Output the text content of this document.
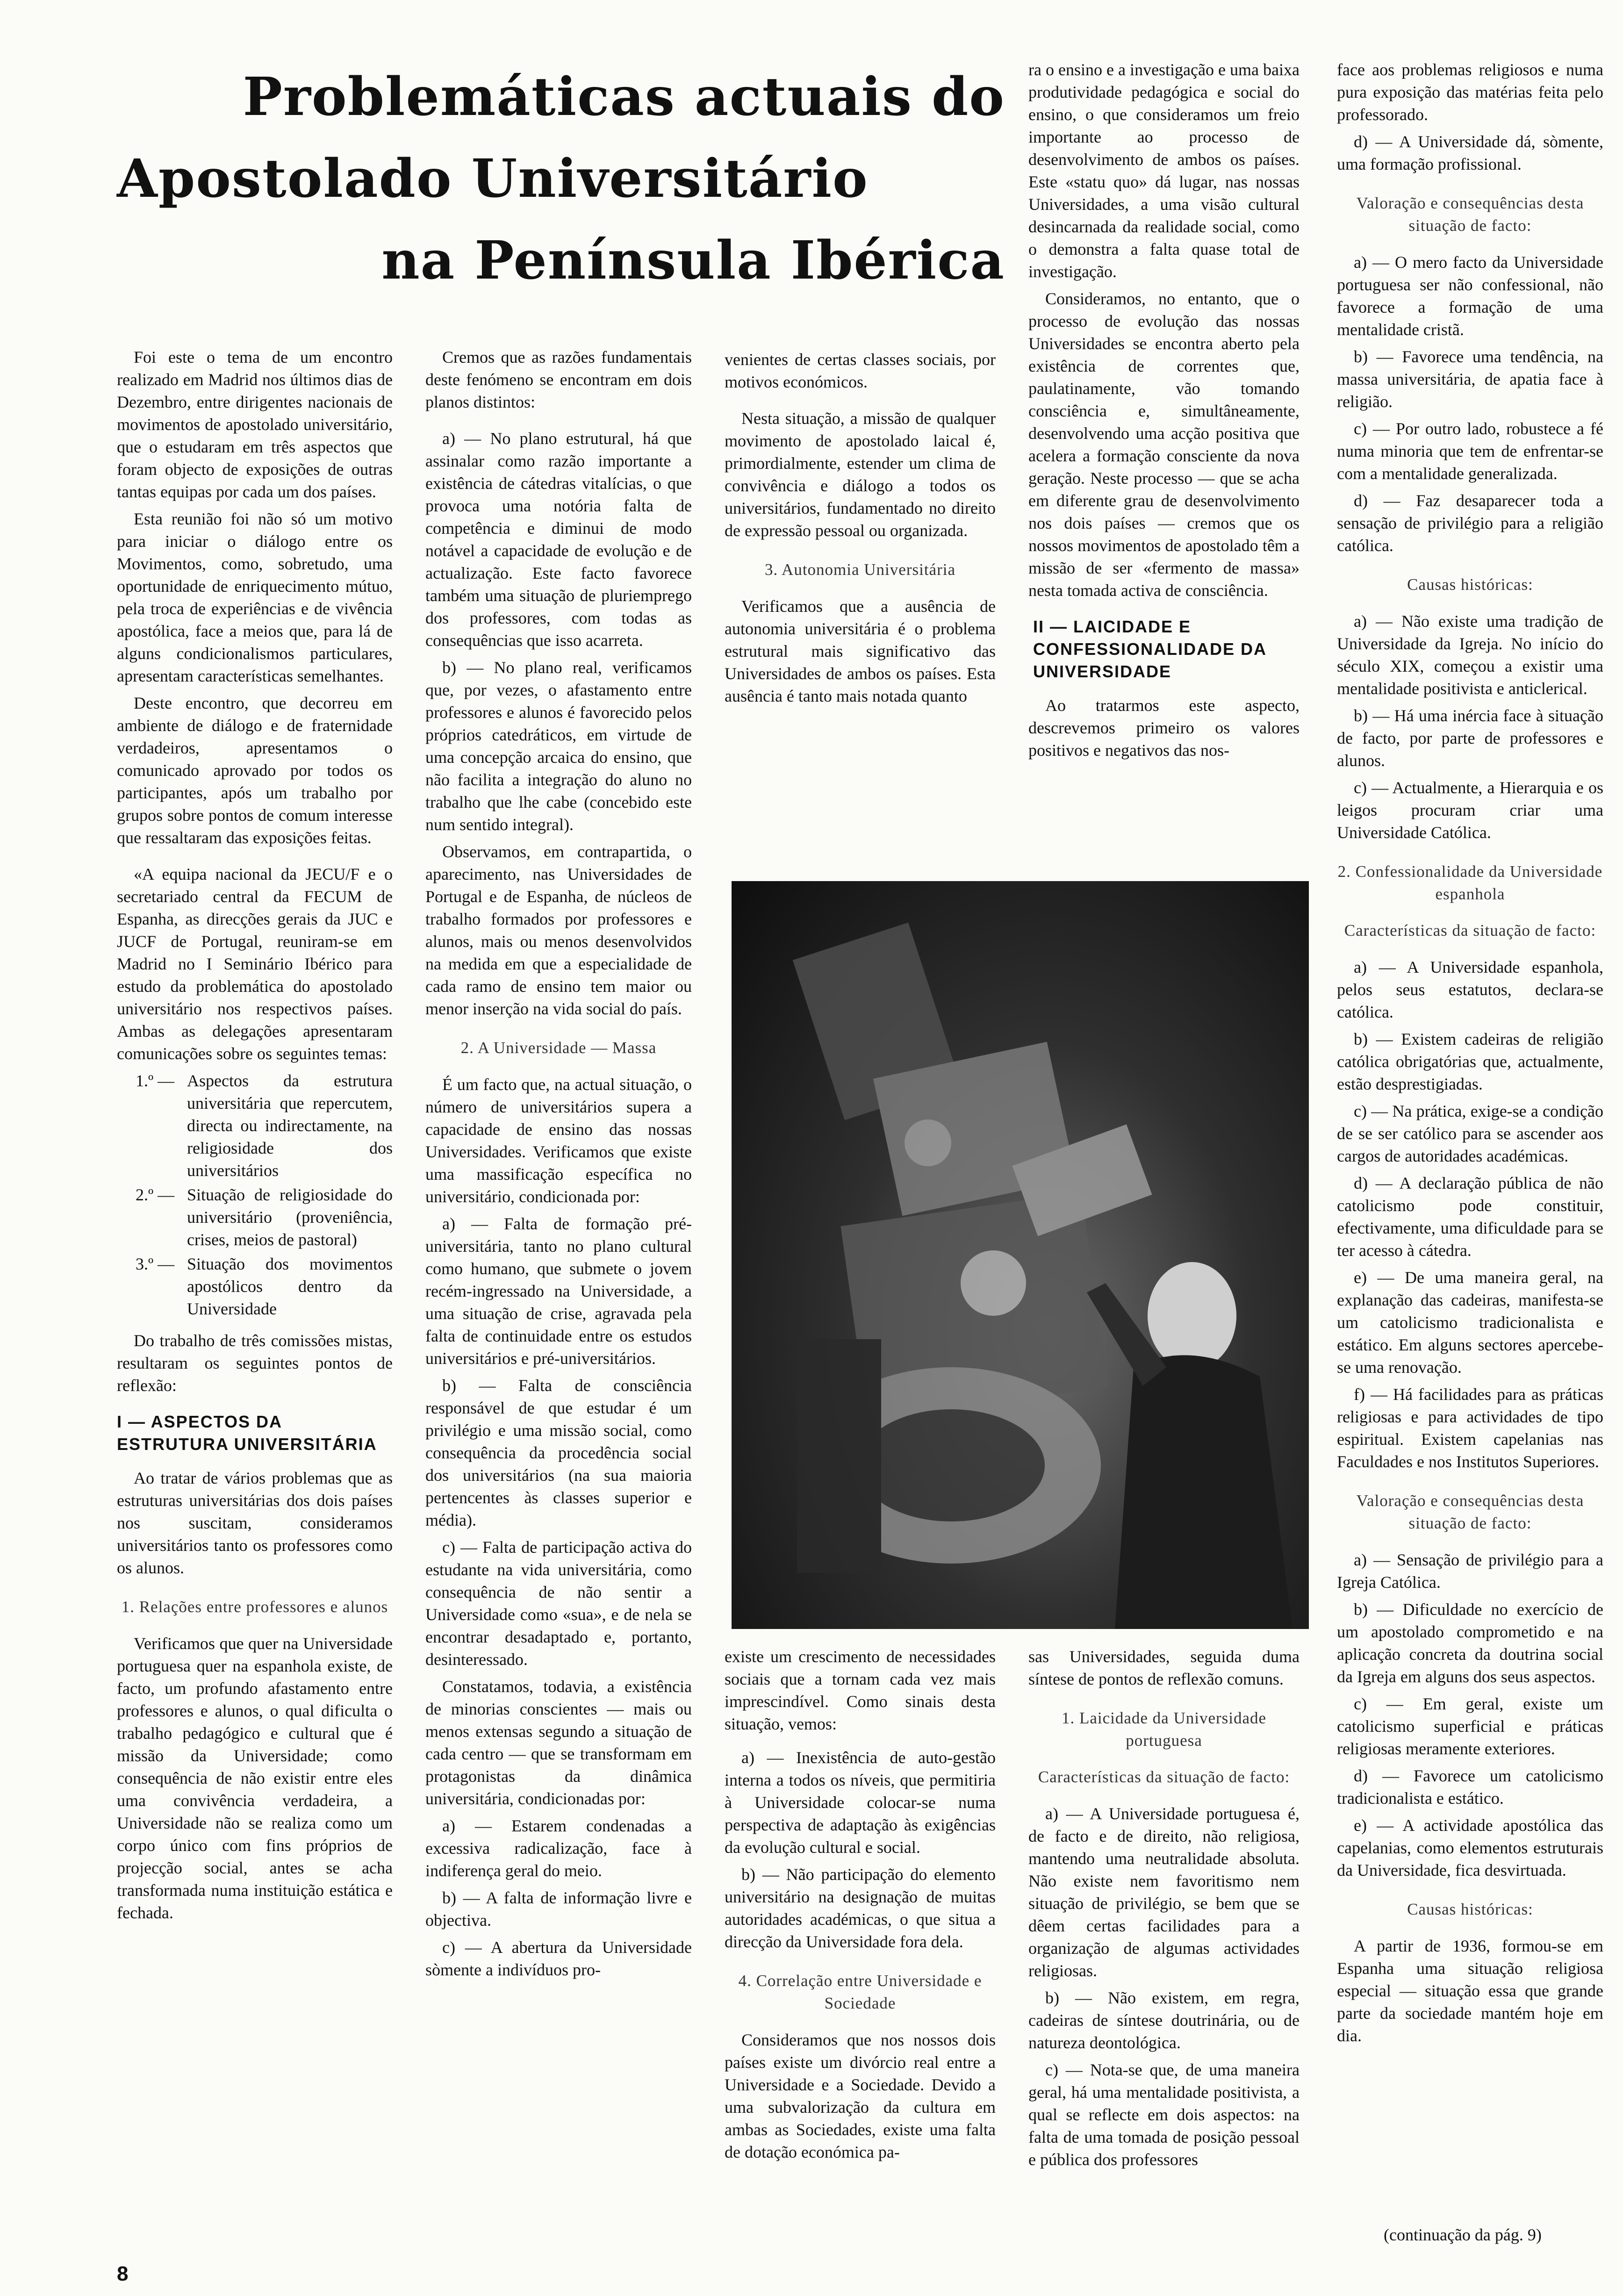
Problemáticas actuais do
Apostolado Universitário
na Península Ibérica

Foi este o tema de um encontro realizado em Madrid nos últimos dias de Dezembro, entre dirigentes nacionais de movimentos de apostolado universitário, que o estudaram em três aspectos que foram objecto de exposições de outras tantas equipas por cada um dos países.

Esta reunião foi não só um motivo para iniciar o diálogo entre os Movimentos, como, sobretudo, uma oportunidade de enriquecimento mútuo, pela troca de experiências e de vivência apostólica, face a meios que, para lá de alguns condicionalismos particulares, apresentam características semelhantes.

Deste encontro, que decorreu em ambiente de diálogo e de fraternidade verdadeiros, apresentamos o comunicado aprovado por todos os participantes, após um trabalho por grupos sobre pontos de comum interesse que ressaltaram das exposições feitas.

«A equipa nacional da JECU/F e o secretariado central da FECUM de Espanha, as direcções gerais da JUC e JUCF de Portugal, reuniram-se em Madrid no I Seminário Ibérico para estudo da problemática do apostolado universitário nos respectivos países. Ambas as delegações apresentaram comunicações sobre os seguintes temas:

1.º — Aspectos da estrutura universitária que repercutem, directa ou indirectamente, na religiosidade dos universitários

2.º — Situação de religiosidade do universitário (proveniência, crises, meios de pastoral)

3.º — Situação dos movimentos apostólicos dentro da Universidade

Do trabalho de três comissões mistas, resultaram os seguintes pontos de reflexão:

I — ASPECTOS DA ESTRUTURA UNIVERSITÁRIA

Ao tratar de vários problemas que as estruturas universitárias dos dois países nos suscitam, consideramos universitários tanto os professores como os alunos.

1. Relações entre professores e alunos

Verificamos que quer na Universidade portuguesa quer na espanhola existe, de facto, um profundo afastamento entre professores e alunos, o qual dificulta o trabalho pedagógico e cultural que é missão da Universidade; como consequência de não existir entre eles uma convivência verdadeira, a Universidade não se realiza como um corpo único com fins próprios de projecção social, antes se acha transformada numa instituição estática e fechada.

Cremos que as razões fundamentais deste fenómeno se encontram em dois planos distintos:

a) — No plano estrutural, há que assinalar como razão importante a existência de cátedras vitalícias, o que provoca uma notória falta de competência e diminui de modo notável a capacidade de evolução e de actualização. Este facto favorece também uma situação de pluriemprego dos professores, com todas as consequências que isso acarreta.

b) — No plano real, verificamos que, por vezes, o afastamento entre professores e alunos é favorecido pelos próprios catedráticos, em virtude de uma concepção arcaica do ensino, que não facilita a integração do aluno no trabalho que lhe cabe (concebido este num sentido integral).

Observamos, em contrapartida, o aparecimento, nas Universidades de Portugal e de Espanha, de núcleos de trabalho formados por professores e alunos, mais ou menos desenvolvidos na medida em que a especialidade de cada ramo de ensino tem maior ou menor inserção na vida social do país.

2. A Universidade — Massa

É um facto que, na actual situação, o número de universitários supera a capacidade de ensino das nossas Universidades. Verificamos que existe uma massificação específica no universitário, condicionada por:

a) — Falta de formação pré-universitária, tanto no plano cultural como humano, que submete o jovem recém-ingressado na Universidade, a uma situação de crise, agravada pela falta de continuidade entre os estudos universitários e pré-universitários.

b) — Falta de consciência responsável de que estudar é um privilégio e uma missão social, como consequência da procedência social dos universitários (na sua maioria pertencentes às classes superior e média).

c) — Falta de participação activa do estudante na vida universitária, como consequência de não sentir a Universidade como «sua», e de nela se encontrar desadaptado e, portanto, desinteressado.

Constatamos, todavia, a existência de minorias conscientes — mais ou menos extensas segundo a situação de cada centro — que se transformam em protagonistas da dinâmica universitária, condicionadas por:

a) — Estarem condenadas a excessiva radicalização, face à indiferença geral do meio.

b) — A falta de informação livre e objectiva.

c) — A abertura da Universidade sòmente a indivíduos pro-

venientes de certas classes sociais, por motivos económicos.

Nesta situação, a missão de qualquer movimento de apostolado laical é, primordialmente, estender um clima de convivência e diálogo a todos os universitários, fundamentado no direito de expressão pessoal ou organizada.

3. Autonomia Universitária

Verificamos que a ausência de autonomia universitária é o problema estrutural mais significativo das Universidades de ambos os países. Esta ausência é tanto mais notada quanto

ra o ensino e a investigação e uma baixa produtividade pedagógica e social do ensino, o que consideramos um freio importante ao processo de desenvolvimento de ambos os países. Este «statu quo» dá lugar, nas nossas Universidades, a uma visão cultural desincarnada da realidade social, como o demonstra a falta quase total de investigação.

Consideramos, no entanto, que o processo de evolução das nossas Universidades se encontra aberto pela existência de correntes que, paulatinamente, vão tomando consciência e, simultâneamente, desenvolvendo uma acção positiva que acelera a formação consciente da nova geração. Neste processo — que se acha em diferente grau de desenvolvimento nos dois países — cremos que os nossos movimentos de apostolado têm a missão de ser «fermento de massa» nesta tomada activa de consciência.

II — LAICIDADE E CONFESSIONALIDADE DA UNIVERSIDADE

Ao tratarmos este aspecto, descrevemos primeiro os valores positivos e negativos das nos-

existe um crescimento de necessidades sociais que a tornam cada vez mais imprescindível. Como sinais desta situação, vemos:

a) — Inexistência de auto-gestão interna a todos os níveis, que permitiria à Universidade colocar-se numa perspectiva de adaptação às exigências da evolução cultural e social.

b) — Não participação do elemento universitário na designação de muitas autoridades académicas, o que situa a direcção da Universidade fora dela.

4. Correlação entre Universidade e Sociedade

Consideramos que nos nossos dois países existe um divórcio real entre a Universidade e a Sociedade. Devido a uma subvalorização da cultura em ambas as Sociedades, existe uma falta de dotação económica pa-

sas Universidades, seguida duma síntese de pontos de reflexão comuns.

1. Laicidade da Universidade portuguesa

Características da situação de facto:

a) — A Universidade portuguesa é, de facto e de direito, não religiosa, mantendo uma neutralidade absoluta. Não existe nem favoritismo nem situação de privilégio, se bem que se dêem certas facilidades para a organização de algumas actividades religiosas.

b) — Não existem, em regra, cadeiras de síntese doutrinária, ou de natureza deontológica.

c) — Nota-se que, de uma maneira geral, há uma mentalidade positivista, a qual se reflecte em dois aspectos: na falta de uma tomada de posição pessoal e pública dos professores

face aos problemas religiosos e numa pura exposição das matérias feita pelo professorado.

d) — A Universidade dá, sòmente, uma formação profissional.

Valoração e consequências desta situação de facto:

a) — O mero facto da Universidade portuguesa ser não confessional, não favorece a formação de uma mentalidade cristã.

b) — Favorece uma tendência, na massa universitária, de apatia face à religião.

c) — Por outro lado, robustece a fé numa minoria que tem de enfrentar-se com a mentalidade generalizada.

d) — Faz desaparecer toda a sensação de privilégio para a religião católica.

Causas históricas:

a) — Não existe uma tradição de Universidade da Igreja. No início do século XIX, começou a existir uma mentalidade positivista e anticlerical.

b) — Há uma inércia face à situação de facto, por parte de professores e alunos.

c) — Actualmente, a Hierarquia e os leigos procuram criar uma Universidade Católica.

2. Confessionalidade da Universidade espanhola

Características da situação de facto:

a) — A Universidade espanhola, pelos seus estatutos, declara-se católica.

b) — Existem cadeiras de religião católica obrigatórias que, actualmente, estão desprestigiadas.

c) — Na prática, exige-se a condição de se ser católico para se ascender aos cargos de autoridades académicas.

d) — A declaração pública de não catolicismo pode constituir, efectivamente, uma dificuldade para se ter acesso à cátedra.

e) — De uma maneira geral, na explanação das cadeiras, manifesta-se um catolicismo tradicionalista e estático. Em alguns sectores apercebe-se uma renovação.

f) — Há facilidades para as práticas religiosas e para actividades de tipo espiritual. Existem capelanias nas Faculdades e nos Institutos Superiores.

Valoração e consequências desta situação de facto:

a) — Sensação de privilégio para a Igreja Católica.

b) — Dificuldade no exercício de um apostolado comprometido e na aplicação concreta da doutrina social da Igreja em alguns dos seus aspectos.

c) — Em geral, existe um catolicismo superficial e práticas religiosas meramente exteriores.

d) — Favorece um catolicismo tradicionalista e estático.

e) — A actividade apostólica das capelanias, como elementos estruturais da Universidade, fica desvirtuada.

Causas históricas:

A partir de 1936, formou-se em Espanha uma situação religiosa especial — situação essa que grande parte da sociedade mantém hoje em dia.

(continuação da pág. 9)
8
